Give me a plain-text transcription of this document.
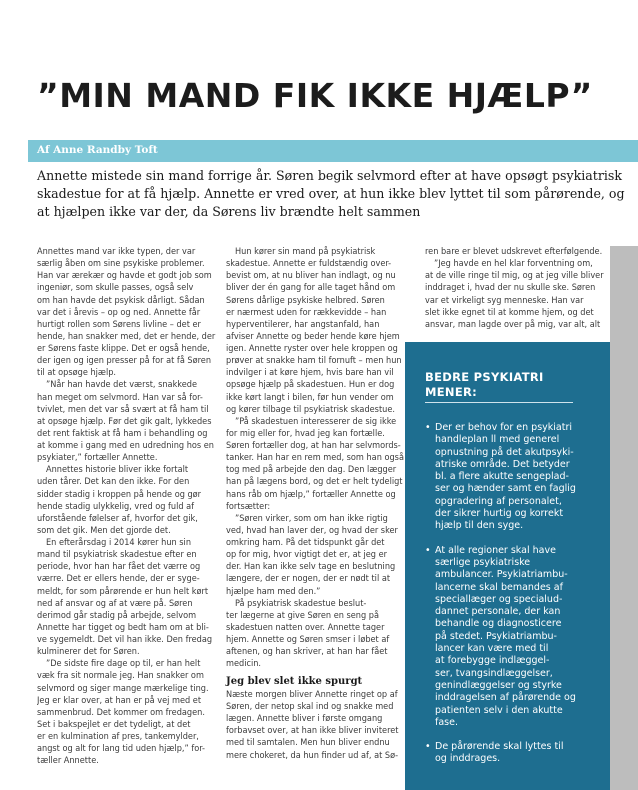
”MIN MAND FIK IKKE HJÆLP”
Af Anne Randby Toft

Annette mistede sin mand forrige år. Søren begik selvmord efter at have opsøgt psykiatrisk skadestue for at få hjælp. Annette er vred over, at hun ikke blev lyttet til som pårørende, og at hjælpen ikke var der, da Sørens liv brændte helt sammen

Annettes mand var ikke typen, der var
særlig åben om sine psykiske problemer.
Han var ærekær og havde et godt job som
ingeniør, som skulle passes, også selv
om han havde det psykisk dårligt. Sådan
var det i årevis – op og ned. Annette får
hurtigt rollen som Sørens livline – det er
hende, han snakker med, det er hende, der
er Sørens faste klippe. Det er også hende,
der igen og igen presser på for at få Søren
til at opsøge hjælp.
”Når han havde det værst, snakkede
han meget om selvmord. Han var så for-
tvivlet, men det var så svært at få ham til
at opsøge hjælp. Før det gik galt, lykkedes
det rent faktisk at få ham i behandling og
at komme i gang med en udredning hos en
psykiater,” fortæller Annette.
Annettes historie bliver ikke fortalt
uden tårer. Det kan den ikke. For den
sidder stadig i kroppen på hende og gør
hende stadig ulykkelig, vred og fuld af
uforstående følelser af, hvorfor det gik,
som det gik. Men det gjorde det.
En efterårsdag i 2014 kører hun sin
mand til psykiatrisk skadestue efter en
periode, hvor han har fået det værre og
værre. Det er ellers hende, der er syge-
meldt, for som pårørende er hun helt kørt
ned af ansvar og af at være på. Søren
derimod går stadig på arbejde, selvom
Annette har tigget og bedt ham om at bli-
ve sygemeldt. Det vil han ikke. Den fredag
kulminerer det for Søren.
”De sidste fire dage op til, er han helt
væk fra sit normale jeg. Han snakker om
selvmord og siger mange mærkelige ting.
Jeg er klar over, at han er på vej med et
sammenbrud. Det kommer om fredagen.
Set i bakspejlet er det tydeligt, at det
er en kulmination af pres, tankemylder,
angst og alt for lang tid uden hjælp,” for-
tæller Annette.
Hun kører sin mand på psykiatrisk
skadestue. Annette er fuldstændig over-
bevist om, at nu bliver han indlagt, og nu
bliver der én gang for alle taget hånd om
Sørens dårlige psykiske helbred. Søren
er nærmest uden for rækkevidde – han
hyperventilerer, har angstanfald, han
afviser Annette og beder hende køre hjem
igen. Annette ryster over hele kroppen og
prøver at snakke ham til fornuft – men hun
indvilger i at køre hjem, hvis bare han vil
opsøge hjælp på skadestuen. Hun er dog
ikke kørt langt i bilen, før hun vender om
og kører tilbage til psykiatrisk skadestue.
”På skadestuen interesserer de sig ikke
for mig eller for, hvad jeg kan fortælle.
Søren fortæller dog, at han har selvmords-
tanker. Han har en rem med, som han også
tog med på arbejde den dag. Den lægger
han på lægens bord, og det er helt tydeligt
hans råb om hjælp,” fortæller Annette og
fortsætter:
”Søren virker, som om han ikke rigtig
ved, hvad han laver der, og hvad der sker
omkring ham. På det tidspunkt går det
op for mig, hvor vigtigt det er, at jeg er
der. Han kan ikke selv tage en beslutning
længere, der er nogen, der er nødt til at
hjælpe ham med den.”
På psykiatrisk skadestue beslut-
ter lægerne at give Søren en seng på
skadestuen natten over. Annette tager
hjem. Annette og Søren smser i løbet af
aftenen, og han skriver, at han har fået
medicin.
Jeg blev slet ikke spurgt
Næste morgen bliver Annette ringet op af
Søren, der netop skal ind og snakke med
lægen. Annette bliver i første omgang
forbavset over, at han ikke bliver inviteret
med til samtalen. Men hun bliver endnu
mere chokeret, da hun finder ud af, at Sø-
ren bare er blevet udskrevet efterfølgende.
”Jeg havde en hel klar forventning om,
at de ville ringe til mig, og at jeg ville bliver
inddraget i, hvad der nu skulle ske. Søren
var et virkeligt syg menneske. Han var
slet ikke egnet til at komme hjem, og det
ansvar, man lagde over på mig, var alt, alt
BEDRE PSYKIATRI
MENER:
• Der er behov for en psykiatri
handleplan ll med generel
opnustning på det akutpsyki-
atriske område. Det betyder
bl. a flere akutte sengeplad-
ser og hænder samt en faglig
opgradering af personalet,
der sikrer hurtig og korrekt
hjælp til den syge.
• At alle regioner skal have
særlige psykiatriske
ambulancer. Psykiatriambu-
lancerne skal bemandes af
speciallæger og specialud-
dannet personale, der kan
behandle og diagnosticere
på stedet. Psykiatriambu-
lancer kan være med til
at forebygge indlæggel-
ser, tvangsindlæggelser,
genindlæggelser og styrke
inddragelsen af pårørende og
patienten selv i den akutte
fase.
• De pårørende skal lyttes til
og inddrages.
